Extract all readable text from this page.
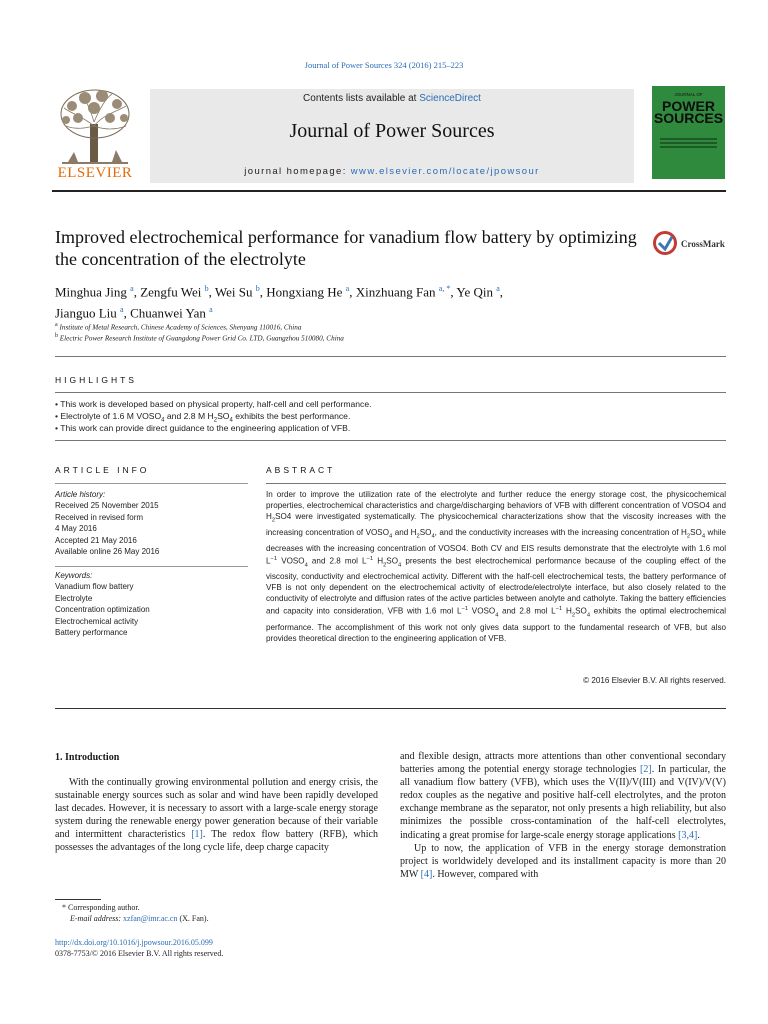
Journal of Power Sources 324 (2016) 215–223
ELSEVIER
Contents lists available at ScienceDirect
Journal of Power Sources
journal homepage: www.elsevier.com/locate/jpowsour
JOURNAL OF
POWER
SOURCES
Improved electrochemical performance for vanadium flow battery by optimizing the concentration of the electrolyte
CrossMark
Minghua Jing $^a$, Zengfu Wei $^b$, Wei Su $^b$, Hongxiang He $^a$, Xinzhuang Fan $^{a, *}$, Ye Qin $^a$,
Jianguo Liu $^a$, Chuanwei Yan $^a$
$^a$ Institute of Metal Research, Chinese Academy of Sciences, Shenyang 110016, China
$^b$ Electric Power Research Institute of Guangdong Power Grid Co. LTD, Guangzhou 510080, China
HIGHLIGHTS
• This work is developed based on physical property, half-cell and cell performance.
• Electrolyte of 1.6 M $VOSO_4$ and 2.8 M $H_2SO_4$ exhibits the best performance.
• This work can provide direct guidance to the engineering application of VFB.
ARTICLE INFO
Article history:
Received 25 November 2015
Received in revised form
4 May 2016
Accepted 21 May 2016
Available online 26 May 2016
Keywords:
Vanadium flow battery
Electrolyte
Concentration optimization
Electrochemical activity
Battery performance
ABSTRACT
In order to improve the utilization rate of the electrolyte and further reduce the energy storage cost, the physicochemical properties, electrochemical characteristics and charge/discharging behaviors of VFB with different concentration of VOSO4 and $H_2SO4$ were investigated systematically. The physicochemical characterizations show that the viscosity increases with the increasing concentration of $VOSO_4$ and $H_2SO_4$, and the conductivity increases with the increasing concentration of $H_2SO_4$ while decreases with the increasing concentration of VOSO4. Both CV and EIS results demonstrate that the electrolyte with 1.6 mol $L^{-1}$ $VOSO_4$ and 2.8 mol $L^{-1}$ $H_2SO_4$ presents the best electrochemical performance because of the coupling effect of the viscosity, conductivity and electrochemical activity. Different with the half-cell electrochemical tests, the battery performance of VFB is not only dependent on the electrochemical activity of electrode/electrolyte interface, but also closely related to the conductivity of electrolyte and diffusion rates of the active particles between anolyte and catholyte. Taking the battery efficiencies and capacity into consideration, VFB with 1.6 mol $L^{-1}$ $VOSO_4$ and 2.8 mol $L^{-1}$ $H_2SO_4$ exhibits the optimal electrochemical performance. The accomplishment of this work not only gives data support to the fundamental research of VFB, but also provides theoretical direction to the engineering application of VFB.
© 2016 Elsevier B.V. All rights reserved.
1. Introduction
With the continually growing environmental pollution and energy crisis, the sustainable energy sources such as solar and wind have been rapidly developed last decades. However, it is necessary to assort with a large-scale energy storage system during the renewable energy power generation because of their variable and intermittent characteristics [1]. The redox flow battery (RFB), which possesses the advantages of the long cycle life, deep charge capacity
and flexible design, attracts more attentions than other conventional secondary batteries among the potential energy storage technologies [2]. In particular, the all vanadium flow battery (VFB), which uses the V(II)/V(III) and V(IV)/V(V) redox couples as the negative and positive half-cell electrolytes, and the proton exchange membrane as the separator, not only presents a high reliability, but also minimizes the possible cross-contamination of the half-cell electrolytes, indicating a great promise for large-scale energy storage applications [3,4].
Up to now, the application of VFB in the energy storage demonstration project is worldwidely developed and its installment capacity is more than 20 MW [4]. However, compared with
* Corresponding author.
E-mail address: xzfan@imr.ac.cn (X. Fan).
http://dx.doi.org/10.1016/j.jpowsour.2016.05.099
0378-7753/© 2016 Elsevier B.V. All rights reserved.
